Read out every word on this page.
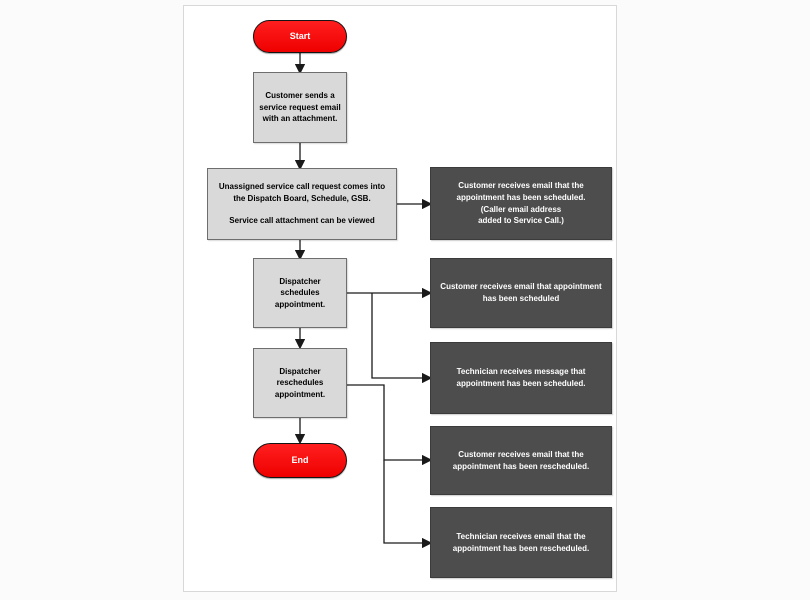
Start
Customer sends a service request email with an attachment.
Unassigned service call request comes into the Dispatch Board, Schedule, GSB.
Service call attachment can be viewed
Customer receives email that the appointment has been scheduled.
(Caller email address
added to Service Call.)
Dispatcher schedules appointment.
Customer receives email that appointment has been scheduled
Dispatcher reschedules appointment.
Technician receives message that appointment has been scheduled.
End
Customer receives email that the appointment has been rescheduled.
Technician receives email that the appointment has been rescheduled.
